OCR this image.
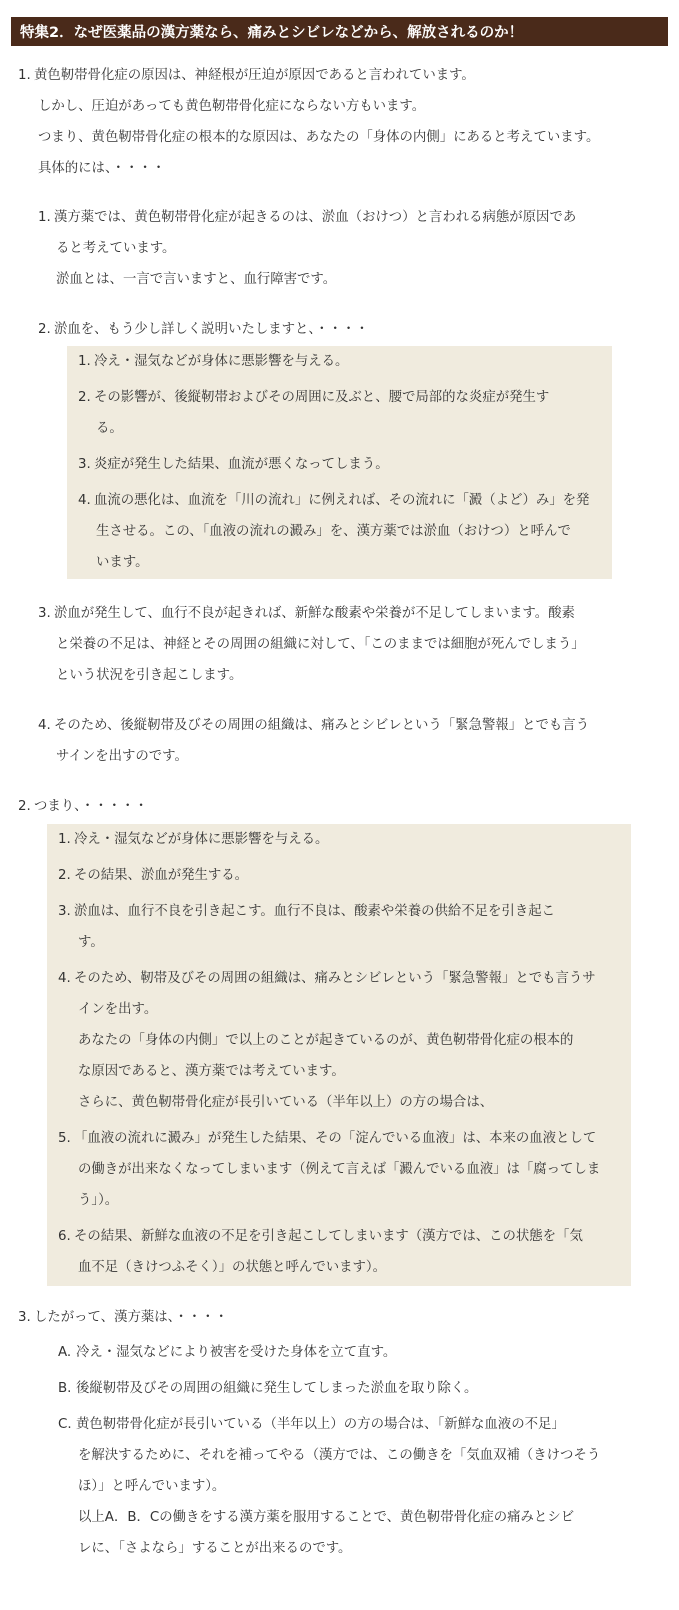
特集2．なぜ医薬品の漢方薬なら、痛みとシビレなどから、解放されるのか！
1. 黄色靭帯骨化症の原因は、神経根が圧迫が原因であると言われています。
しかし、圧迫があっても黄色靭帯骨化症にならない方もいます。
つまり、黄色靭帯骨化症の根本的な原因は、あなたの「身体の内側」にあると考えています。
具体的には、・・・・
1. 漢方薬では、黄色靭帯骨化症が起きるのは、淤血（おけつ）と言われる病態が原因であ
ると考えています。
淤血とは、一言で言いますと、血行障害です。
2. 淤血を、もう少し詳しく説明いたしますと、・・・・
1. 冷え・湿気などが身体に悪影響を与える。
2. その影響が、後縦靭帯およびその周囲に及ぶと、腰で局部的な炎症が発生す
る。
3. 炎症が発生した結果、血流が悪くなってしまう。
4. 血流の悪化は、血流を「川の流れ」に例えれば、その流れに「澱（よど）み」を発
生させる。この、「血液の流れの澱み」を、漢方薬では淤血（おけつ）と呼んで
います。
3. 淤血が発生して、血行不良が起きれば、新鮮な酸素や栄養が不足してしまいます。酸素
と栄養の不足は、神経とその周囲の組織に対して、「このままでは細胞が死んでしまう」
という状況を引き起こします。
4. そのため、後縦靭帯及びその周囲の組織は、痛みとシビレという「緊急警報」とでも言う
サインを出すのです。
2. つまり、・・・・・
1. 冷え・湿気などが身体に悪影響を与える。
2. その結果、淤血が発生する。
3. 淤血は、血行不良を引き起こす。血行不良は、酸素や栄養の供給不足を引き起こ
す。
4. そのため、靭帯及びその周囲の組織は、痛みとシビレという「緊急警報」とでも言うサ
インを出す。
あなたの「身体の内側」で以上のことが起きているのが、黄色靭帯骨化症の根本的
な原因であると、漢方薬では考えています。
さらに、黄色靭帯骨化症が長引いている（半年以上）の方の場合は、
5. 「血液の流れに澱み」が発生した結果、その「淀んでいる血液」は、本来の血液として
の働きが出来なくなってしまいます（例えて言えば「澱んでいる血液」は「腐ってしま
う」）。
6. その結果、新鮮な血液の不足を引き起こしてしまいます（漢方では、この状態を「気
血不足（きけつふそく）」の状態と呼んでいます）。
3. したがって、漢方薬は、・・・・
A. 冷え・湿気などにより被害を受けた身体を立て直す。
B. 後縦靭帯及びその周囲の組織に発生してしまった淤血を取り除く。
C. 黄色靭帯骨化症が長引いている（半年以上）の方の場合は、「新鮮な血液の不足」
を解決するために、それを補ってやる（漢方では、この働きを「気血双補（きけつそう
ほ）」と呼んでいます）。
以上A．B．Cの働きをする漢方薬を服用することで、黄色靭帯骨化症の痛みとシビ
レに、「さよなら」することが出来るのです。
